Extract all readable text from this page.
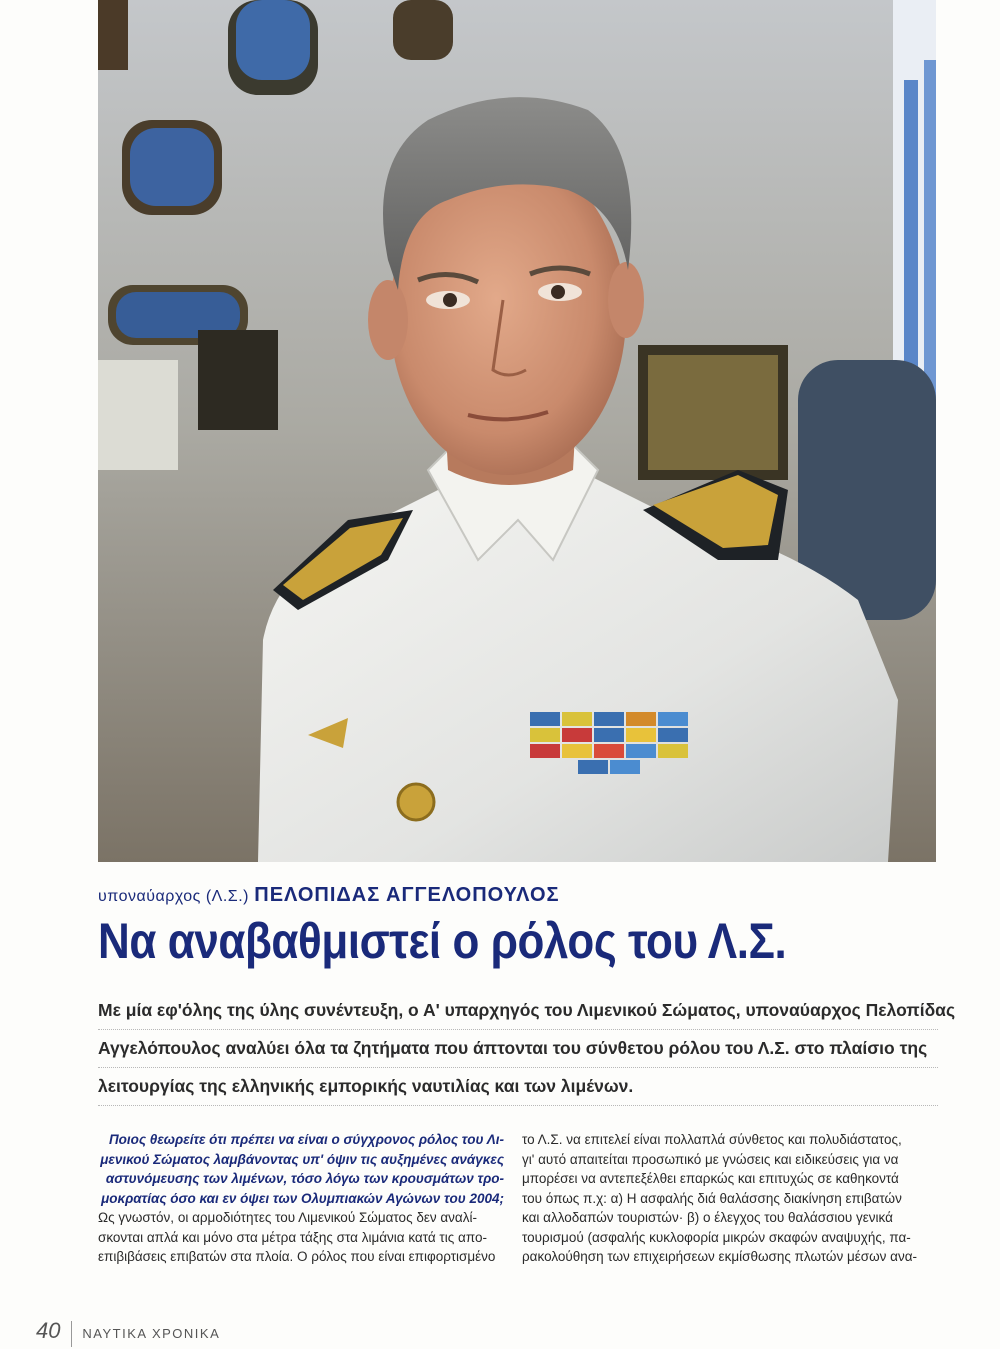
υποναύαρχος (Λ.Σ.) ΠΕΛΟΠΙΔΑΣ ΑΓΓΕΛΟΠΟΥΛΟΣ
Να αναβαθμιστεί ο ρόλος του Λ.Σ.
Με μία εφ'όλης της ύλης συνέντευξη, ο Α' υπαρχηγός του Λιμενικού Σώματος, υποναύαρχος Πελοπίδας
Αγγελόπουλος αναλύει όλα τα ζητήματα που άπτονται του σύνθετου ρόλου του Λ.Σ. στο πλαίσιο της
λειτουργίας της ελληνικής εμπορικής ναυτιλίας και των λιμένων.
Ποιος θεωρείτε ότι πρέπει να είναι ο σύγχρονος ρόλος του Λι-
μενικού Σώματος λαμβάνοντας υπ' όψιν τις αυξημένες ανάγκες
αστυνόμευσης των λιμένων, τόσο λόγω των κρουσμάτων τρο-
μοκρατίας όσο και εν όψει των Ολυμπιακών Αγώνων του 2004;
Ως γνωστόν, οι αρμοδιότητες του Λιμενικού Σώματος δεν αναλί-
σκονται απλά και μόνο στα μέτρα τάξης στα λιμάνια κατά τις απο-
επιβιβάσεις επιβατών στα πλοία. Ο ρόλος που είναι επιφορτισμένο
το Λ.Σ. να επιτελεί είναι πολλαπλά σύνθετος και πολυδιάστατος,
γι' αυτό απαιτείται προσωπικό με γνώσεις και ειδικεύσεις για να
μπορέσει να αντεπεξέλθει επαρκώς και επιτυχώς σε καθηκοντά
του όπως π.χ: α) Η ασφαλής διά θαλάσσης διακίνηση επιβατών
και αλλοδαπών τουριστών· β) ο έλεγχος του θαλάσσιου γενικά
τουρισμού (ασφαλής κυκλοφορία μικρών σκαφών αναψυχής, πα-
ρακολούθηση των επιχειρήσεων εκμίσθωσης πλωτών μέσων ανα-
40 ΝΑΥΤΙΚΑ ΧΡΟΝΙΚΑ
